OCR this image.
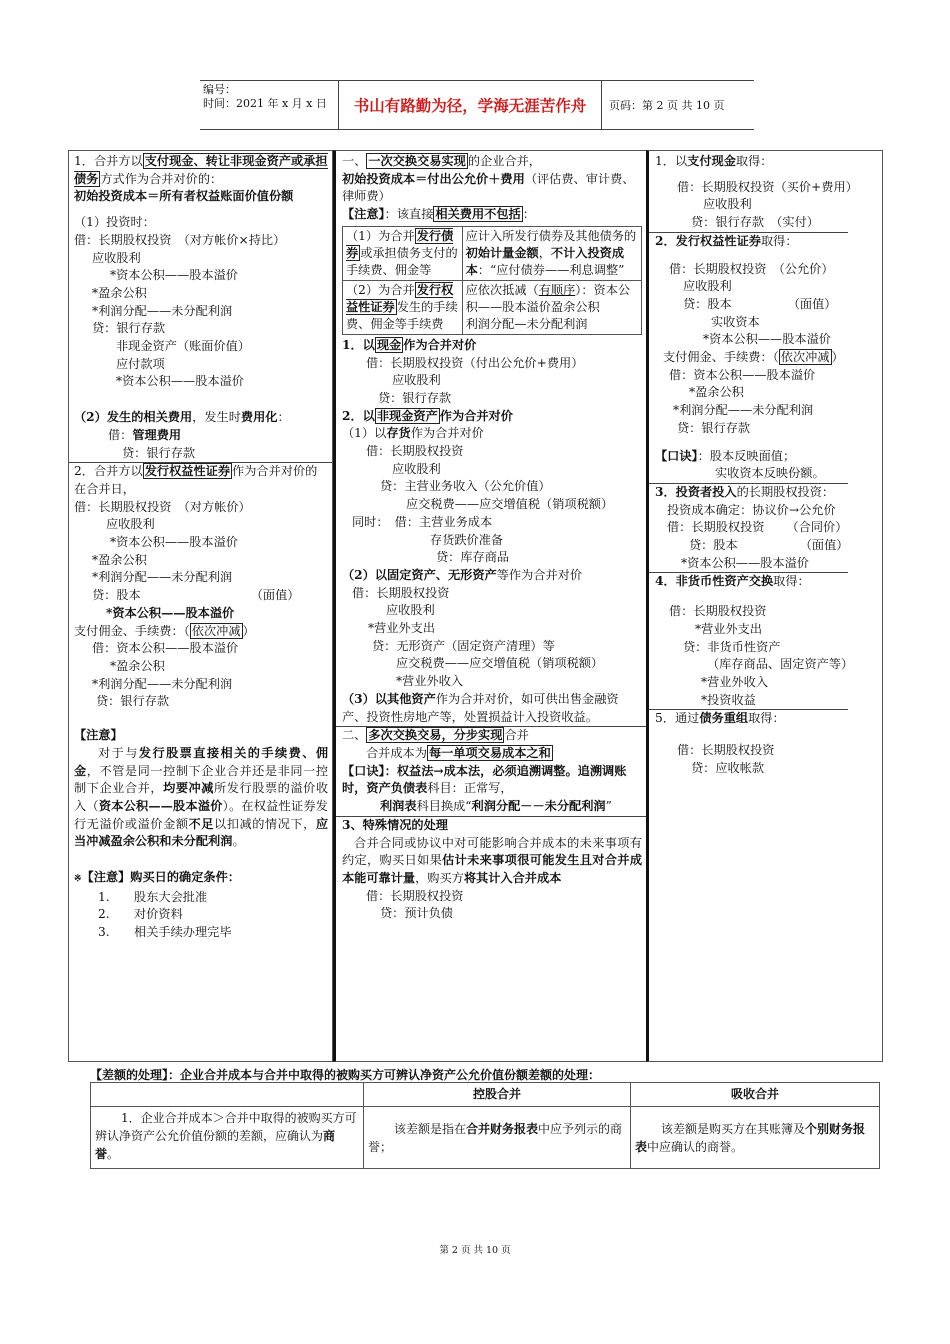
编号：
时间：2021 年 x 月 x 日	书山有路勤为径，学海无涯苦作舟	页码：第 2 页 共 10 页
1．合并方以 支付现金、转让非现金资产或承担债务 方式作为合并对价的：
初始投资成本＝所有者权益账面价值份额
（1）投资时：
借：长期股权投资　（对方帐价×持比）
应收股利
*资本公积——股本溢价
*盈余公积
*利润分配——未分配利润
贷：银行存款
非现金资产（账面价值）
应付款项
*资本公积——股本溢价
（2）发生的相关费用，发生时费用化：
借：管理费用
贷：银行存款
2．合并方以 发行权益性证券 作为合并对价的
在合并日，
借：长期股权投资　（对方帐价）
应收股利
*资本公积——股本溢价
*盈余公积
*利润分配——未分配利润
贷：股本	（面值）
*资本公积——股本溢价
支付佣金、手续费：（ 依次冲减 ）
借：资本公积——股本溢价
*盈余公积
*利润分配——未分配利润
贷：银行存款
【注意】
对于与发行股票直接相关的手续费、佣金，不管是同一控制下企业合并还是非同一控制下企业合并，均要冲减所发行股票的溢价收入（资本公积——股本溢价）。在权益性证券发行无溢价或溢价金额不足以扣减的情况下，应当冲减盈余公积和未分配利润。
※【注意】购买日的确定条件：
1.　　股东大会批准
2.　　对价资料
3.　　相关手续办理完毕
一、 一次交换交易实现 的企业合并，
初始投资成本＝付出公允价＋费用（评估费、审计费、律师费）
【注意】：该直接 相关费用不包括 ：
（1）为合并 发行债券 或承担债务支付的手续费、佣金等	应计入所发行债券及其他债务的初始计量金额，不计入投资成本：“应付债券——利息调整”
（2）为合并 发行权益性证券 发生的手续费、佣金等手续费	应依次抵减（有顺序）：资本公积——股本溢价盈余公积
利润分配—未分配利润
1．以 现金 作为合并对价
借：长期股权投资（付出公允价+费用）
应收股利
贷：银行存款
2．以 非现金资产 作为合并对价
（1）以存货作为合并对价
借：长期股权投资
应收股利
贷：主营业务收入（公允价值）
应交税费——应交增值税（销项税额）
同时：　借：主营业务成本
存货跌价准备
贷：库存商品
（2）以固定资产、无形资产等作为合并对价
借：长期股权投资
应收股利
*营业外支出
贷：无形资产（固定资产清理）等
应交税费——应交增值税（销项税额）
*营业外收入
（3）以其他资产作为合并对价，如可供出售金融资产、投资性房地产等，处置损益计入投资收益。
二、 多次交换交易，分步实现 合并
合并成本为 每一单项交易成本之和
【口诀】：权益法→成本法，必须追溯调整。追溯调账时，资产负债表科目：正常写，
利润表科目换成“利润分配－－未分配利润”
3、特殊情况的处理
合并合同或协议中对可能影响合并成本的未来事项有约定，购买日如果估计未来事项很可能发生且对合并成本能可靠计量，购买方将其计入合并成本
借：长期股权投资
贷：预计负债
1．以支付现金取得：
借：长期股权投资（买价+费用）
应收股利
贷：银行存款　（实付）
2．发行权益性证券取得：
借：长期股权投资　（公允价）
应收股利
贷：股本	（面值）
实收资本
*资本公积——股本溢价
支付佣金、手续费：（ 依次冲减 ）
借：资本公积——股本溢价
*盈余公积
*利润分配——未分配利润
贷：银行存款
【口诀】：股本反映面值；
实收资本反映份额。
3．投资者投入的长期股权投资：
投资成本确定：协议价→公允价
借：长期股权投资 （合同价）
贷：股本	（面值）
*资本公积——股本溢价
4．非货币性资产交换取得：
借：长期股权投资
*营业外支出
贷：非货币性资产
（库存商品、固定资产等）
*营业外收入
*投资收益
5．通过债务重组取得：
借：长期股权投资
贷：应收帐款
【差额的处理】：企业合并成本与合并中取得的被购买方可辨认净资产公允价值份额差额的处理：
	控股合并	吸收合并
1．企业合并成本＞合并中取得的被购买方可辨认净资产公允价值份额的差额，应确认为商誉。	该差额是指在合并财务报表中应予列示的商誉；	该差额是购买方在其账簿及个别财务报表中应确认的商誉。
第 2 页 共 10 页
